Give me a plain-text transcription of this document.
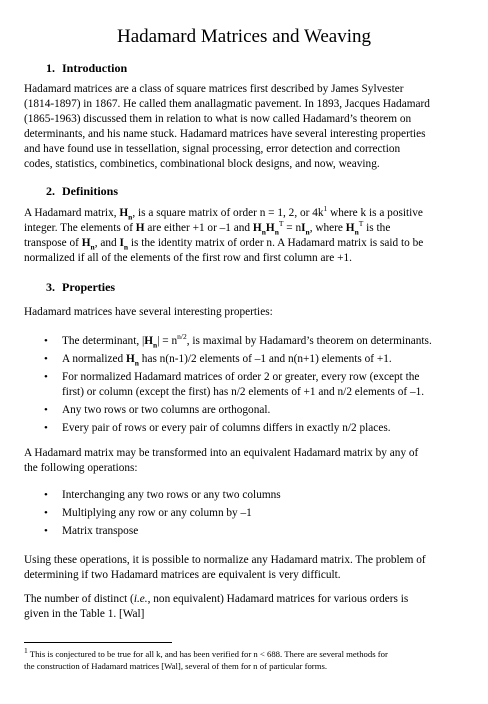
Hadamard Matrices and Weaving
1. Introduction
Hadamard matrices are a class of square matrices first described by James Sylvester
(1814-1897) in 1867. He called them anallagmatic pavement. In 1893, Jacques Hadamard
(1865-1963) discussed them in relation to what is now called Hadamard’s theorem on
determinants, and his name stuck. Hadamard matrices have several interesting properties
and have found use in tessellation, signal processing, error detection and correction
codes, statistics, combinetics, combinational block designs, and now, weaving.
2. Definitions
A Hadamard matrix, $H_n$, is a square matrix of order n = 1, 2, or $4k^1$ where k is a positive
integer. The elements of H are either +1 or –1 and $H_nH_n^T = nI_n$, where $H_n^T$ is the
transpose of $H_n$, and $I_n$ is the identity matrix of order n. A Hadamard matrix is said to be
normalized if all of the elements of the first row and first column are +1.
3. Properties
Hadamard matrices have several interesting properties:
• The determinant, $|H_n| = n^{n/2}$, is maximal by Hadamard’s theorem on determinants.
• A normalized $H_n$ has n(n-1)/2 elements of –1 and n(n+1) elements of +1.
• For normalized Hadamard matrices of order 2 or greater, every row (except the
first) or column (except the first) has n/2 elements of +1 and n/2 elements of –1.
• Any two rows or two columns are orthogonal.
• Every pair of rows or every pair of columns differs in exactly n/2 places.
A Hadamard matrix may be transformed into an equivalent Hadamard matrix by any of
the following operations:
• Interchanging any two rows or any two columns
• Multiplying any row or any column by –1
• Matrix transpose
Using these operations, it is possible to normalize any Hadamard matrix. The problem of
determining if two Hadamard matrices are equivalent is very difficult.
The number of distinct (i.e., non equivalent) Hadamard matrices for various orders is
given in the Table 1. [Wal]
$^1$ This is conjectured to be true for all k, and has been verified for n < 688. There are several methods for
the construction of Hadamard matrices [Wal], several of them for n of particular forms.
